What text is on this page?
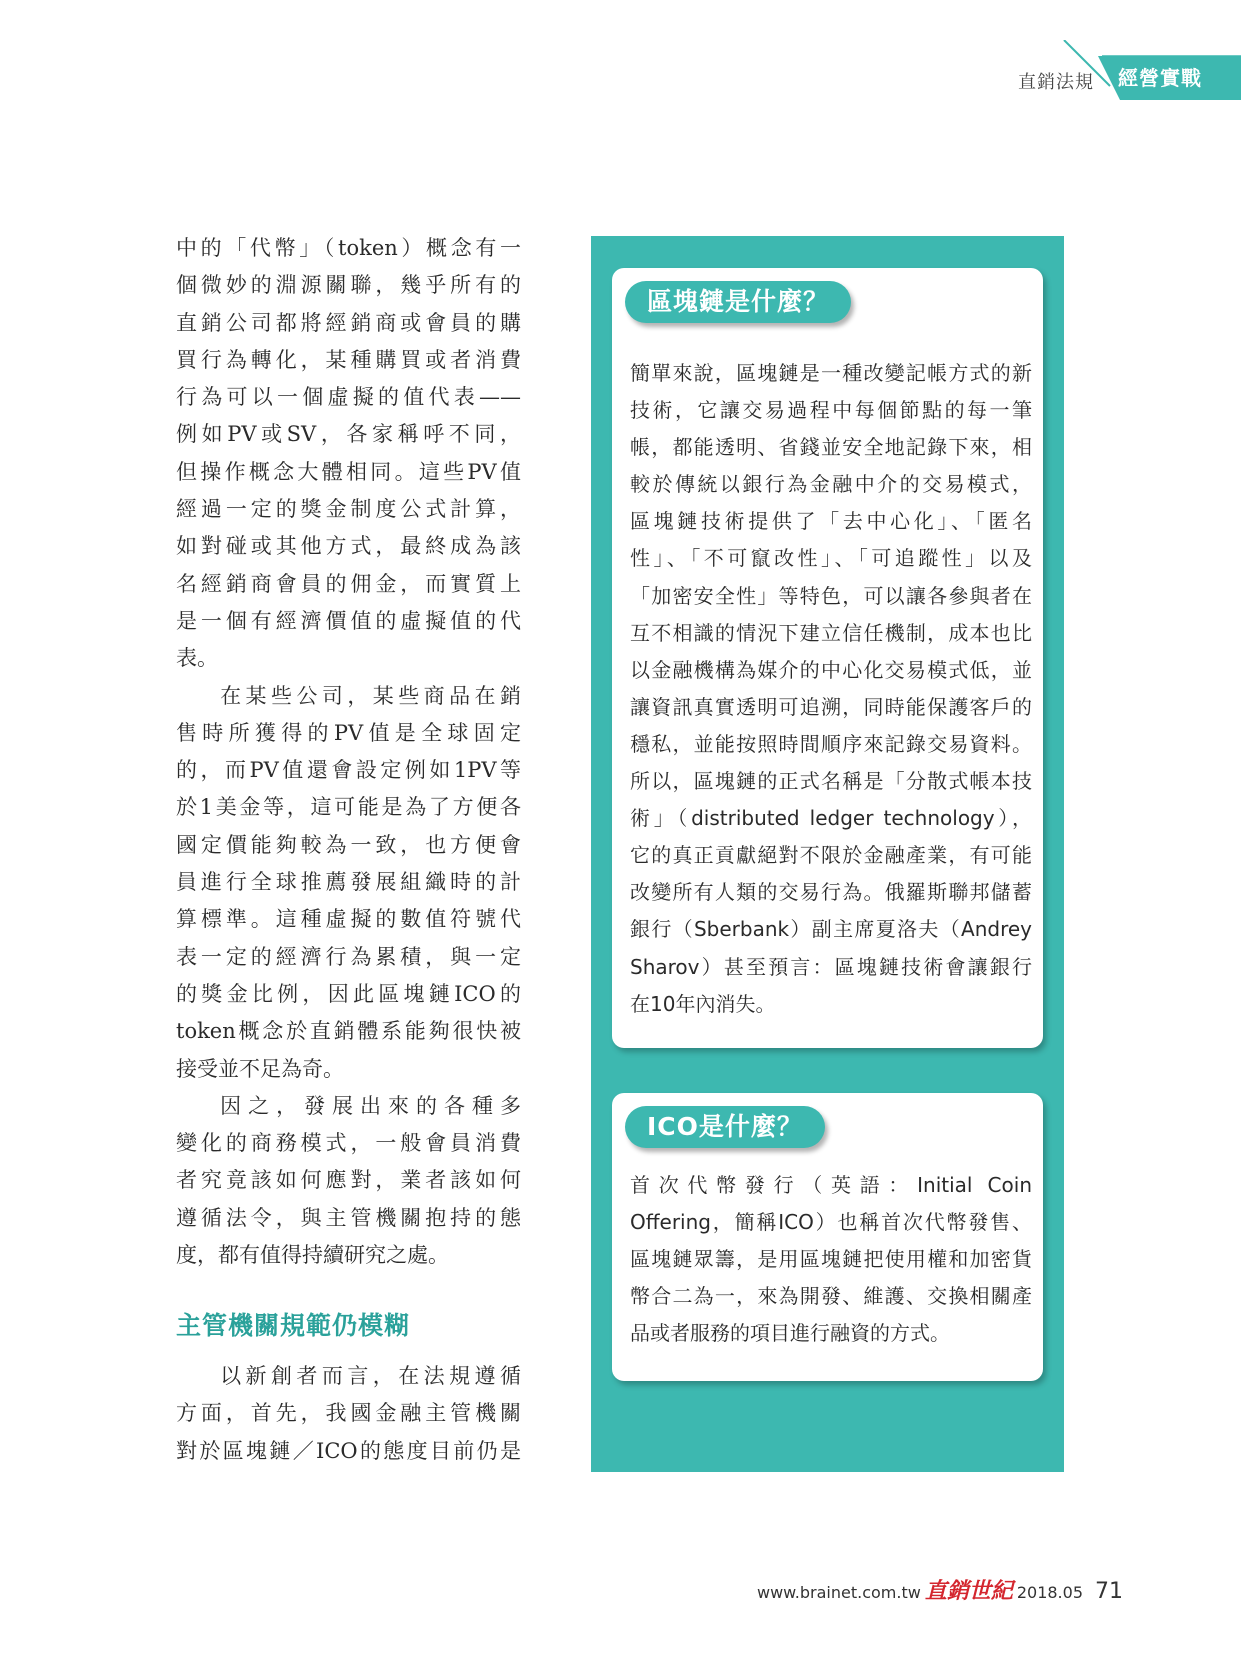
直銷法規 經營實戰

中的「代幣」（token）概念有一

個微妙的淵源關聯，幾乎所有的

直銷公司都將經銷商或會員的購

買行為轉化，某種購買或者消費

行為可以一個虛擬的值代表——

例如PV或SV，各家稱呼不同，

但操作概念大體相同。這些PV值

經過一定的獎金制度公式計算，

如對碰或其他方式，最終成為該

名經銷商會員的佣金，而實質上

是一個有經濟價值的虛擬值的代

表。

在某些公司，某些商品在銷

售時所獲得的PV值是全球固定

的，而PV值還會設定例如1PV等

於1美金等，這可能是為了方便各

國定價能夠較為一致，也方便會

員進行全球推薦發展組織時的計

算標準。這種虛擬的數值符號代

表一定的經濟行為累積，與一定

的獎金比例，因此區塊鏈ICO的

token概念於直銷體系能夠很快被

接受並不足為奇。

因之，發展出來的各種多

變化的商務模式，一般會員消費

者究竟該如何應對，業者該如何

遵循法令，與主管機關抱持的態

度，都有值得持續研究之處。

主管機關規範仍模糊

以新創者而言，在法規遵循

方面，首先，我國金融主管機關

對於區塊鏈／ICO的態度目前仍是

區塊鏈是什麼？
ICO是什麼？

簡單來說，區塊鏈是一種改變記帳方式的新

技術，它讓交易過程中每個節點的每一筆

帳，都能透明、省錢並安全地記錄下來，相

較於傳統以銀行為金融中介的交易模式，

區塊鏈技術提供了「去中心化」、「匿名

性」、「不可竄改性」、「可追蹤性」以及

「加密安全性」等特色，可以讓各參與者在

互不相識的情況下建立信任機制，成本也比

以金融機構為媒介的中心化交易模式低，並

讓資訊真實透明可追溯，同時能保護客戶的

穩私，並能按照時間順序來記錄交易資料。

所以，區塊鏈的正式名稱是「分散式帳本技

術」（distributed ledger technology），

它的真正貢獻絕對不限於金融產業，有可能

改變所有人類的交易行為。俄羅斯聯邦儲蓄

銀行（Sberbank）副主席夏洛夫（Andrey

Sharov）甚至預言：區塊鏈技術會讓銀行

在10年內消失。

首次代幣發行（英語：Initial Coin

Offering，簡稱ICO）也稱首次代幣發售、

區塊鏈眾籌，是用區塊鏈把使用權和加密貨

幣合二為一，來為開發、維護、交換相關產

品或者服務的項目進行融資的方式。

www.brainet.com.tw 直銷世紀 2018.05 71
